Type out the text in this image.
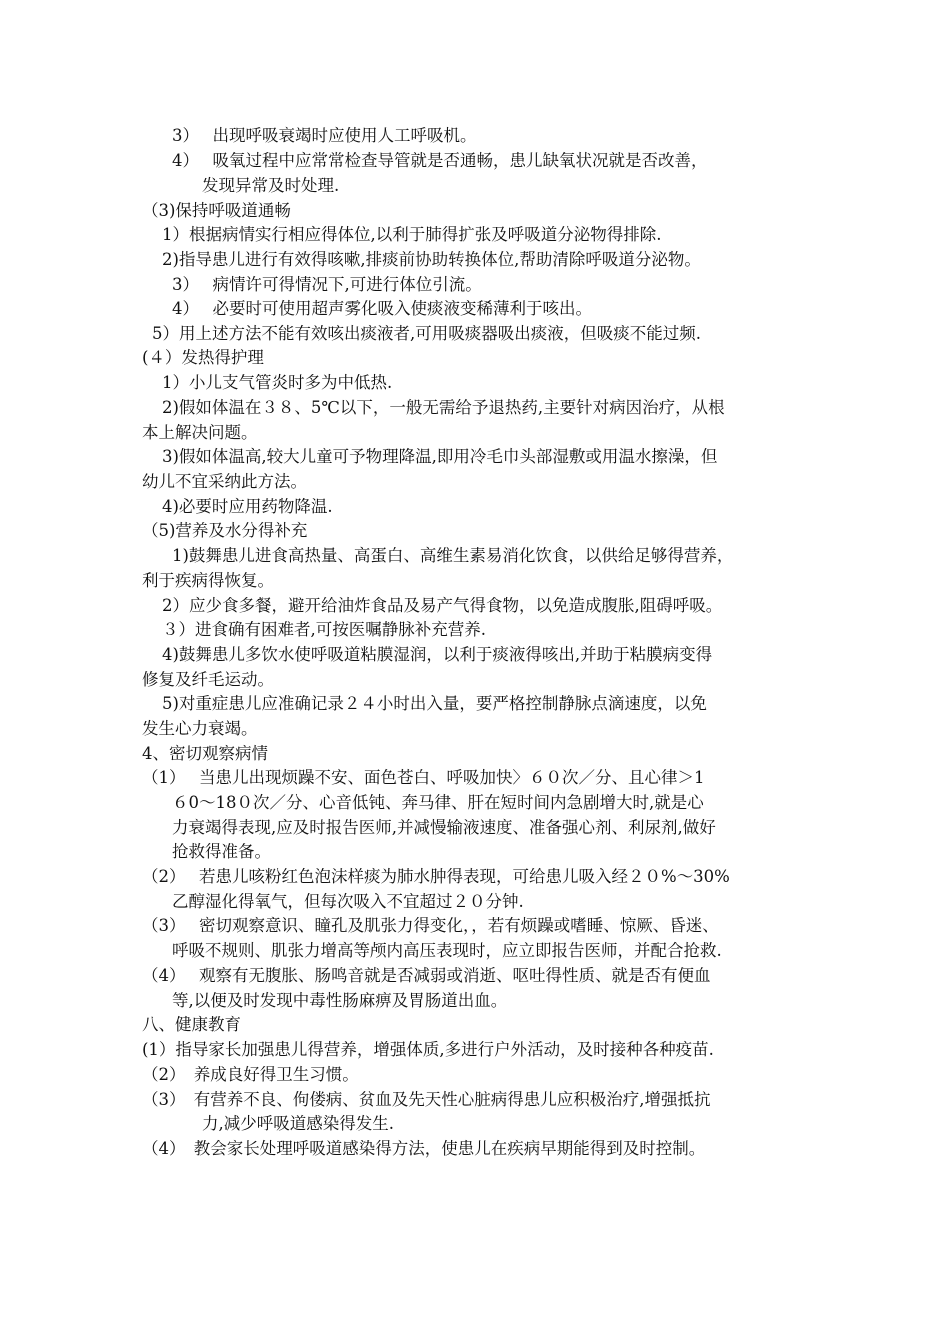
3）　 出现呼吸衰竭时应使用人工呼吸机。
4）　 吸氧过程中应常常检查导管就是否通畅，患儿缺氧状况就是否改善，
发现异常及时处理.
（3)保持呼吸道通畅
1）根据病情实行相应得体位,以利于肺得扩张及呼吸道分泌物得排除.
2)指导患儿进行有效得咳嗽,排痰前协助转换体位,帮助清除呼吸道分泌物。
3）　 病情许可得情况下,可进行体位引流。
4）　 必要时可使用超声雾化吸入使痰液变稀薄利于咳出。
5）用上述方法不能有效咳出痰液者,可用吸痰器吸出痰液，但吸痰不能过频.
(４）发热得护理
1）小儿支气管炎时多为中低热.
2)假如体温在３８、5℃以下，一般无需给予退热药,主要针对病因治疗，从根
本上解决问题。
3)假如体温高,较大儿童可予物理降温,即用冷毛巾头部湿敷或用温水擦澡，但
幼儿不宜采纳此方法。
4)必要时应用药物降温.
（5)营养及水分得补充
1)鼓舞患儿进食高热量、高蛋白、高维生素易消化饮食，以供给足够得营养，
利于疾病得恢复。
2）应少食多餐，避开给油炸食品及易产气得食物，以免造成腹胀,阻碍呼吸。
３）进食确有困难者,可按医嘱静脉补充营养.
4)鼓舞患儿多饮水使呼吸道粘膜湿润，以利于痰液得咳出,并助于粘膜病变得
修复及纤毛运动。
5)对重症患儿应准确记录２４小时出入量，要严格控制静脉点滴速度，以免
发生心力衰竭。
4、密切观察病情
（1）　 当患儿出现烦躁不安、面色苍白、呼吸加快〉６０次／分、且心律＞1
６0～18０次／分、心音低钝、奔马律、肝在短时间内急剧增大时,就是心
力衰竭得表现,应及时报告医师,并减慢输液速度、准备强心剂、利尿剂,做好
抢救得准备。
（2）　 若患儿咳粉红色泡沫样痰为肺水肿得表现，可给患儿吸入经２０%～30%
乙醇湿化得氧气，但每次吸入不宜超过２０分钟.
（3）　 密切观察意识、瞳孔及肌张力得变化，，若有烦躁或嗜睡、惊厥、昏迷、
呼吸不规则、肌张力增高等颅内高压表现时，应立即报告医师，并配合抢救.
（4）　 观察有无腹胀、肠鸣音就是否减弱或消逝、呕吐得性质、就是否有便血
等,以便及时发现中毒性肠麻痹及胃肠道出血。
八、健康教育
(1）指导家长加强患儿得营养，增强体质,多进行户外活动，及时接种各种疫苗.
（2）　养成良好得卫生习惯。
（3）　有营养不良、佝偻病、贫血及先天性心脏病得患儿应积极治疗,增强抵抗
力,减少呼吸道感染得发生.
（4）　教会家长处理呼吸道感染得方法，使患儿在疾病早期能得到及时控制。
